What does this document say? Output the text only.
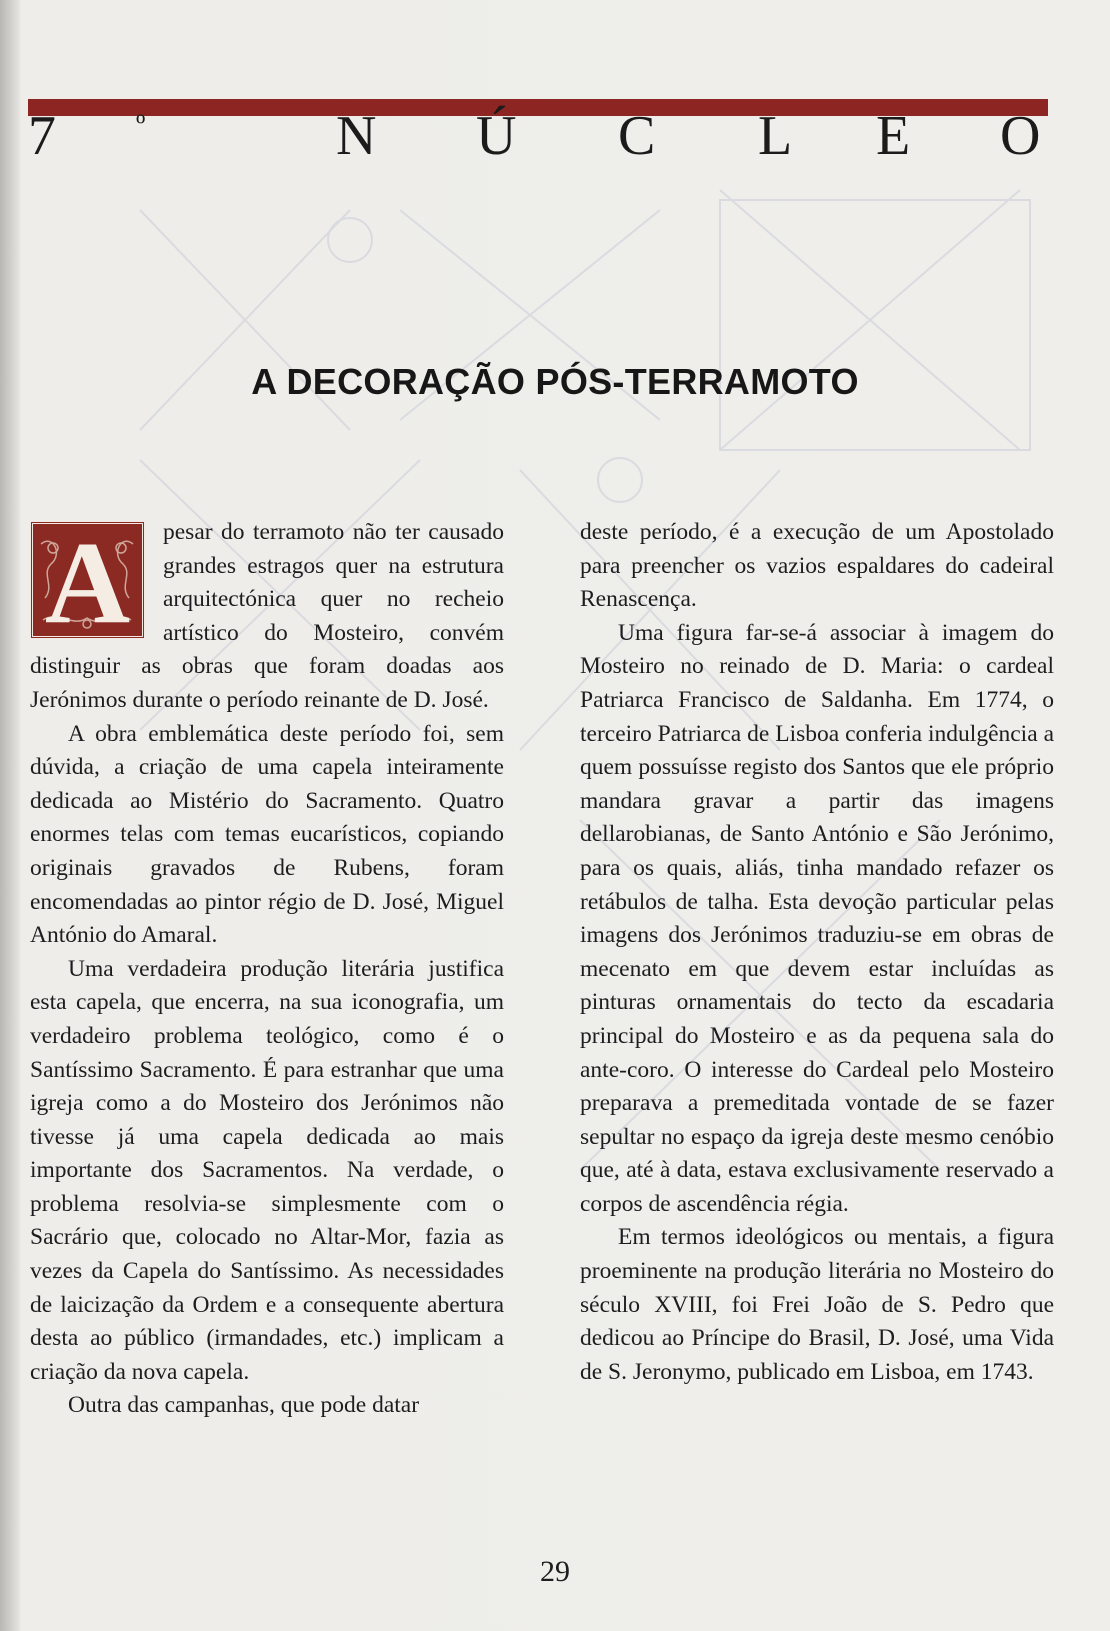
7	º	N Ú C L E O
A DECORAÇÃO PÓS-TERRAMOTO

A	pesar do terramoto não ter causado grandes estragos quer na estrutura arquitectónica quer no recheio artístico do Mosteiro, convém distinguir as obras que foram doadas aos Jerónimos durante o período reinante de D. José.

A obra emblemática deste período foi, sem dúvida, a criação de uma capela inteiramente dedicada ao Mistério do Sacramento. Quatro enormes telas com temas eucarísticos, copiando originais gravados de Rubens, foram encomendadas ao pintor régio de D. José, Miguel António do Amaral.

Uma verdadeira produção literária justifica esta capela, que encerra, na sua iconografia, um verdadeiro problema teológico, como é o Santíssimo Sacramento. É para estranhar que uma igreja como a do Mosteiro dos Jerónimos não tivesse já uma capela dedicada ao mais importante dos Sacramentos. Na verdade, o problema resolvia-se simplesmente com o Sacrário que, colocado no Altar-Mor, fazia as vezes da Capela do Santíssimo. As necessidades de laicização da Ordem e a consequente abertura desta ao público (irmandades, etc.) implicam a criação da nova capela.

Outra das campanhas, que pode datar

deste período, é a execução de um Apostolado para preencher os vazios espaldares do cadeiral Renascença.

Uma figura far-se-á associar à imagem do Mosteiro no reinado de D. Maria: o cardeal Patriarca Francisco de Saldanha. Em 1774, o terceiro Patriarca de Lisboa conferia indulgência a quem possuísse registo dos Santos que ele próprio mandara gravar a partir das imagens dellarobianas, de Santo António e São Jerónimo, para os quais, aliás, tinha mandado refazer os retábulos de talha. Esta devoção particular pelas imagens dos Jerónimos traduziu-se em obras de mecenato em que devem estar incluídas as pinturas ornamentais do tecto da escadaria principal do Mosteiro e as da pequena sala do ante-coro. O interesse do Cardeal pelo Mosteiro preparava a premeditada vontade de se fazer sepultar no espaço da igreja deste mesmo cenóbio que, até à data, estava exclusivamente reservado a corpos de ascendência régia.

Em termos ideológicos ou mentais, a figura proeminente na produção literária no Mosteiro do século XVIII, foi Frei João de S. Pedro que dedicou ao Príncipe do Brasil, D. José, uma Vida de S. Jeronymo, publicado em Lisboa, em 1743.

29
